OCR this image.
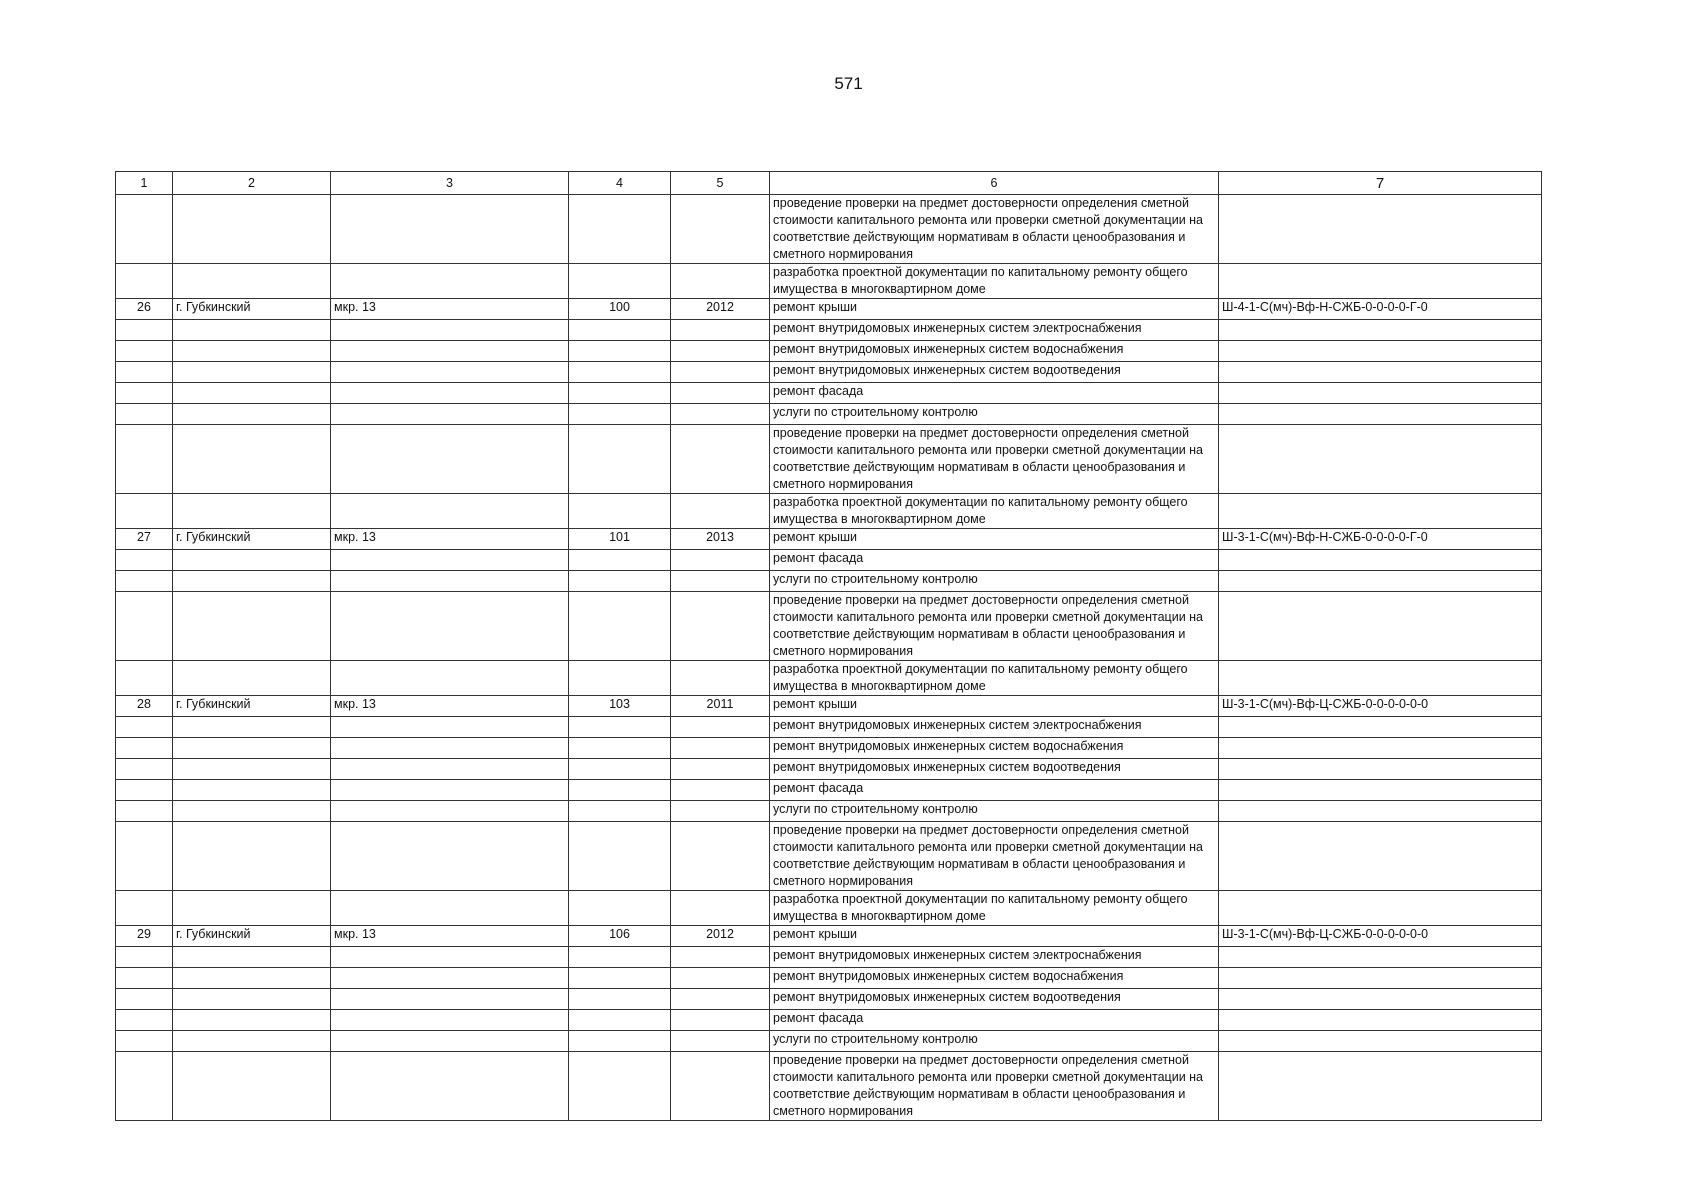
571
1	2	3	4	5	6	7
					проведение проверки на предмет достоверности определения сметной стоимости капитального ремонта или проверки сметной документации на соответствие действующим нормативам в области ценообразования и сметного нормирования	
					разработка проектной документации по капитальному ремонту общего имущества в многоквартирном доме	
26	г. Губкинский	мкр. 13	100	2012	ремонт крыши	Ш-4-1-С(мч)-Вф-Н-СЖБ-0-0-0-0-Г-0
					ремонт внутридомовых инженерных систем электроснабжения	
					ремонт внутридомовых инженерных систем водоснабжения	
					ремонт внутридомовых инженерных систем водоотведения	
					ремонт фасада	
					услуги по строительному контролю	
					проведение проверки на предмет достоверности определения сметной стоимости капитального ремонта или проверки сметной документации на соответствие действующим нормативам в области ценообразования и сметного нормирования	
					разработка проектной документации по капитальному ремонту общего имущества в многоквартирном доме	
27	г. Губкинский	мкр. 13	101	2013	ремонт крыши	Ш-3-1-С(мч)-Вф-Н-СЖБ-0-0-0-0-Г-0
					ремонт фасада	
					услуги по строительному контролю	
					проведение проверки на предмет достоверности определения сметной стоимости капитального ремонта или проверки сметной документации на соответствие действующим нормативам в области ценообразования и сметного нормирования	
					разработка проектной документации по капитальному ремонту общего имущества в многоквартирном доме	
28	г. Губкинский	мкр. 13	103	2011	ремонт крыши	Ш-3-1-С(мч)-Вф-Ц-СЖБ-0-0-0-0-0-0
					ремонт внутридомовых инженерных систем электроснабжения	
					ремонт внутридомовых инженерных систем водоснабжения	
					ремонт внутридомовых инженерных систем водоотведения	
					ремонт фасада	
					услуги по строительному контролю	
					проведение проверки на предмет достоверности определения сметной стоимости капитального ремонта или проверки сметной документации на соответствие действующим нормативам в области ценообразования и сметного нормирования	
					разработка проектной документации по капитальному ремонту общего имущества в многоквартирном доме	
29	г. Губкинский	мкр. 13	106	2012	ремонт крыши	Ш-3-1-С(мч)-Вф-Ц-СЖБ-0-0-0-0-0-0
					ремонт внутридомовых инженерных систем электроснабжения	
					ремонт внутридомовых инженерных систем водоснабжения	
					ремонт внутридомовых инженерных систем водоотведения	
					ремонт фасада	
					услуги по строительному контролю	
					проведение проверки на предмет достоверности определения сметной стоимости капитального ремонта или проверки сметной документации на соответствие действующим нормативам в области ценообразования и сметного нормирования	
